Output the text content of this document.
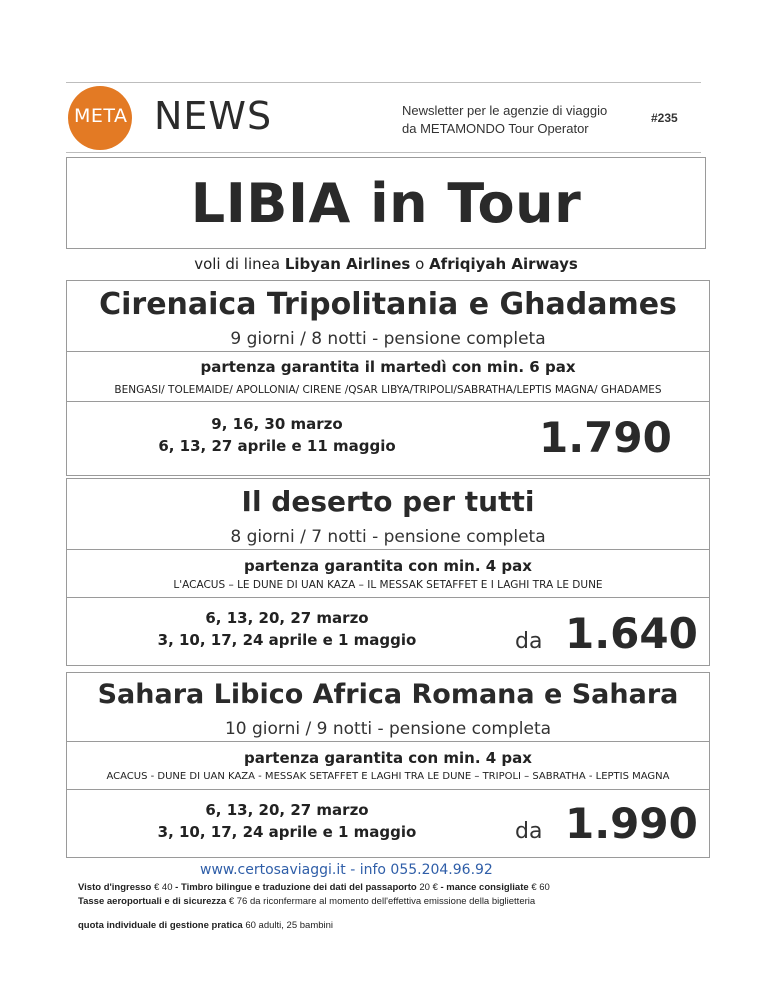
META NEWS	Newsletter per le agenzie di viaggio
da METAMONDO Tour Operator
#235
LIBIA in Tour
voli di linea Libyan Airlines o Afriqiyah Airways
Cirenaica Tripolitania e Ghadames
9 giorni / 8 notti - pensione completa
partenza garantita il martedì con min. 6 pax
BENGASI/ TOLEMAIDE/ APOLLONIA/ CIRENE /QSAR LIBYA/TRIPOLI/SABRATHA/LEPTIS MAGNA/ GHADAMES
9, 16, 30 marzo
6, 13, 27 aprile e 11 maggio	1.790
Il deserto per tutti
8 giorni / 7 notti - pensione completa
partenza garantita con min. 4 pax
L'ACACUS – LE DUNE DI UAN KAZA – IL MESSAK SETAFFET E I LAGHI TRA LE DUNE
6, 13, 20, 27 marzo
3, 10, 17, 24 aprile e 1 maggio	da 1.640
Sahara Libico Africa Romana e Sahara
10 giorni / 9 notti - pensione completa
partenza garantita con min. 4 pax
ACACUS - DUNE DI UAN KAZA - MESSAK SETAFFET E LAGHI TRA LE DUNE – TRIPOLI – SABRATHA - LEPTIS MAGNA
6, 13, 20, 27 marzo
3, 10, 17, 24 aprile e 1 maggio	da 1.990
www.certosaviaggi.it - info 055.204.96.92
Visto d'ingresso € 40 - Timbro bilingue e traduzione dei dati del passaporto 20 € - mance consigliate € 60
Tasse aeroportuali e di sicurezza € 76 da riconfermare al momento dell'effettiva emissione della biglietteria
quota individuale di gestione pratica 60 adulti, 25 bambini
